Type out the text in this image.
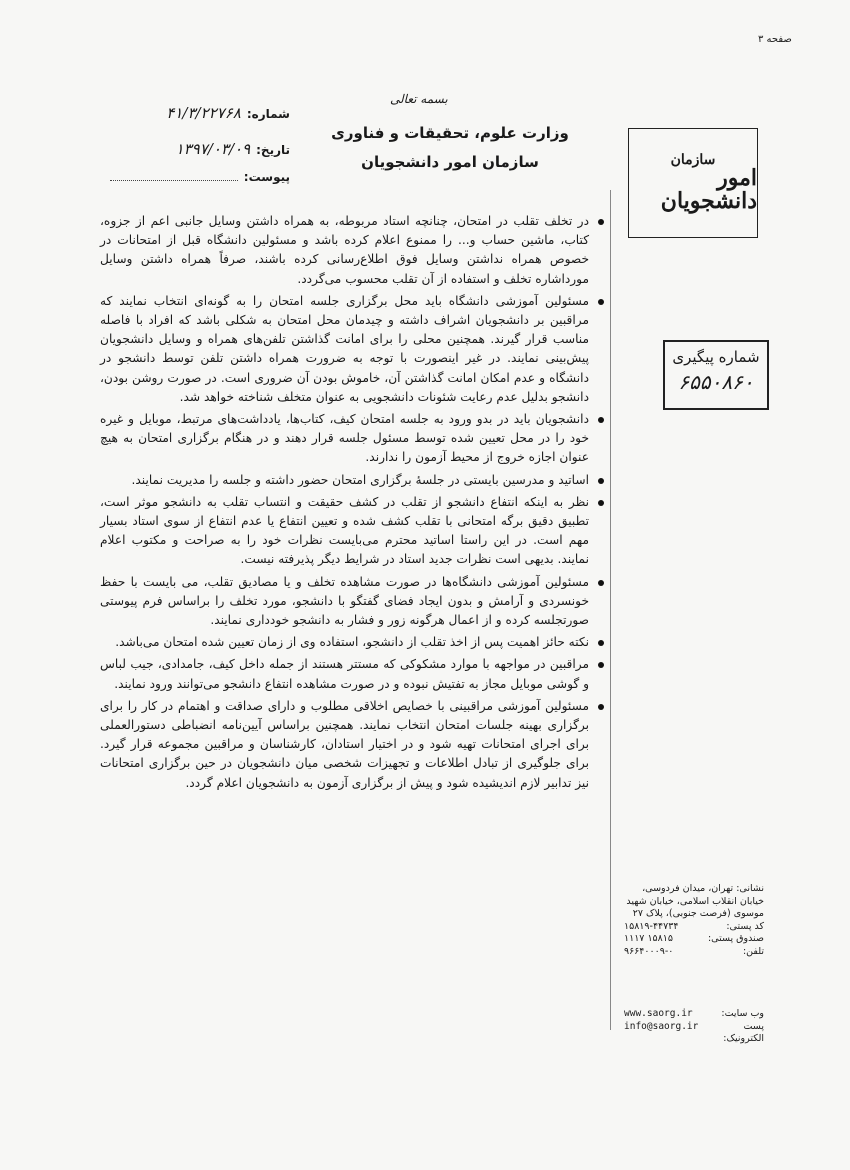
صفحه ۳
بسمه تعالی
وزارت علوم، تحقیقات و فناوری
سازمان امور دانشجویان
شماره:
۴۱/۳/۲۲۷۶۸
تاریخ:
۱۳۹۷/۰۳/۰۹
پیوست:
سازمان
امور دانشجویان
شماره پیگیری
۶۵۵۰۸۶۰
در تخلف تقلب در امتحان، چنانچه استاد مربوطه، به همراه داشتن وسایل جانبی اعم از جزوه، کتاب، ماشین حساب و... را ممنوع اعلام کرده باشد و مسئولین دانشگاه قبل از امتحانات در خصوص همراه نداشتن وسایل فوق اطلاع‌رسانی کرده باشند، صرفاً همراه داشتن وسایل مورداشاره تخلف و استفاده از آن تقلب محسوب می‌گردد.
مسئولین آموزشی دانشگاه باید محل برگزاری جلسه امتحان را به گونه‌ای انتخاب نمایند که مراقبین بر دانشجویان اشراف داشته و چیدمان محل امتحان به شکلی باشد که افراد با فاصله مناسب قرار گیرند. همچنین محلی را برای امانت گذاشتن تلفن‌های همراه و وسایل دانشجویان پیش‌بینی نمایند. در غیر اینصورت با توجه به ضرورت همراه داشتن تلفن توسط دانشجو در دانشگاه و عدم امکان امانت گذاشتن آن، خاموش بودن آن ضروری است. در صورت روشن بودن، دانشجو بدلیل عدم رعایت شئونات دانشجویی به عنوان متخلف شناخته خواهد شد.
دانشجویان باید در بدو ورود به جلسه امتحان کیف، کتاب‌ها، یادداشت‌های مرتبط، موبایل و غیره خود را در محل تعیین شده توسط مسئول جلسه قرار دهند و در هنگام برگزاری امتحان به هیچ عنوان اجازه خروج از محیط آزمون را ندارند.
اساتید و مدرسین بایستی در جلسهٔ برگزاری امتحان حضور داشته و جلسه را مدیریت نمایند.
نظر به اینکه انتفاع دانشجو از تقلب در کشف حقیقت و انتساب تقلب به دانشجو موثر است، تطبیق دقیق برگه امتحانی با تقلب کشف شده و تعیین انتفاع یا عدم انتفاع از سوی استاد بسیار مهم است. در این راستا اساتید محترم می‌بایست نظرات خود را به صراحت و مکتوب اعلام نمایند. بدیهی است نظرات جدید استاد در شرایط دیگر پذیرفته نیست.
مسئولین آموزشی دانشگاه‌ها در صورت مشاهده تخلف و یا مصادیق تقلب، می بایست با حفظ خونسردی و آرامش و بدون ایجاد فضای گفتگو با دانشجو، مورد تخلف را براساس فرم پیوستی صورتجلسه کرده و از اعمال هرگونه زور و فشار به دانشجو خودداری نمایند.
نکته حائز اهمیت پس از اخذ تقلب از دانشجو، استفاده وی از زمان تعیین شده امتحان می‌باشد.
مراقبین در مواجهه با موارد مشکوکی که مستتر هستند از جمله داخل کیف، جامدادی، جیب لباس و گوشی موبایل مجاز به تفتیش نبوده و در صورت مشاهده انتفاع دانشجو می‌توانند ورود نمایند.
مسئولین آموزشی مراقبینی با خصایص اخلاقی مطلوب و دارای صداقت و اهتمام در کار را برای برگزاری بهینه جلسات امتحان انتخاب نمایند. همچنین براساس آیین‌نامه انضباطی دستورالعملی برای اجرای امتحانات تهیه شود و در اختیار استادان، کارشناسان و مراقبین مجموعه قرار گیرد. برای جلوگیری از تبادل اطلاعات و تجهیزات شخصی میان دانشجویان در حین برگزاری امتحانات نیز تدابیر لازم اندیشیده شود و پیش از برگزاری آزمون به دانشجویان اعلام گردد.
نشانی: تهران، میدان فردوسی، خیابان انقلاب اسلامی، خیابان شهید موسوی (فرصت جنوبی)، پلاک ۲۷
کد پستی:
۱۵۸۱۹-۴۴۷۳۴
صندوق پستی:
۱۵۸۱۵ ۱۱۱۷
تلفن:
۹۶۶۴۰۰۰۹-۰
وب سایت:
www.saorg.ir
پست الکترونیک:
info@saorg.ir
